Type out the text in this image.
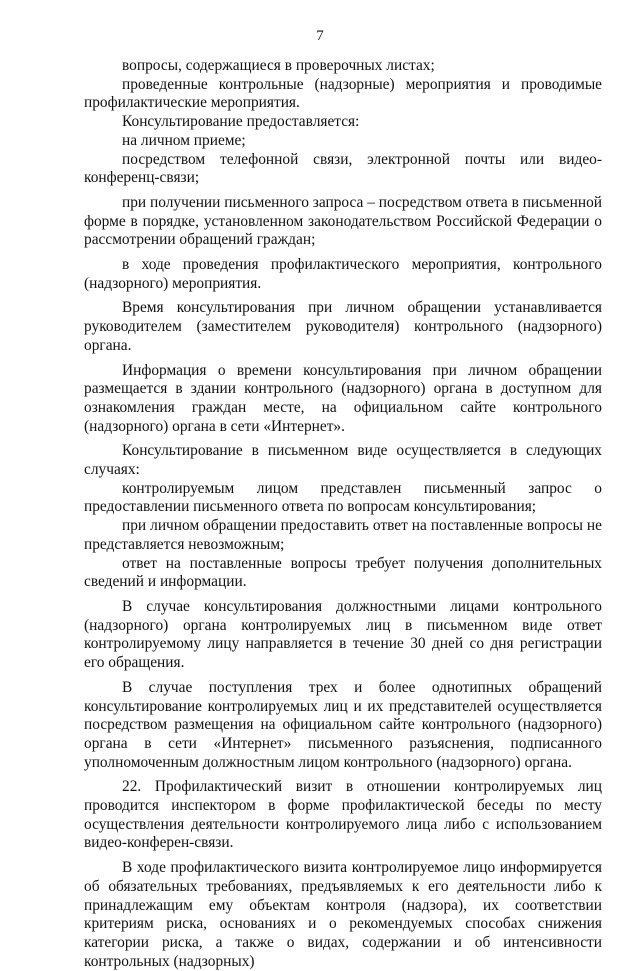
7

вопросы, содержащиеся в проверочных листах;

проведенные контрольные (надзорные) мероприятия и проводимые профилактические мероприятия.

Консультирование предоставляется:

на личном приеме;

посредством телефонной связи, электронной почты или видео-конференц-связи;

при получении письменного запроса – посредством ответа в письменной форме в порядке, установленном законодательством Российской Федерации о рассмотрении обращений граждан;

в ходе проведения профилактического мероприятия, контрольного (надзорного) мероприятия.

Время консультирования при личном обращении устанавливается руководителем (заместителем руководителя) контрольного (надзорного) органа.

Информация о времени консультирования при личном обращении размещается в здании контрольного (надзорного) органа в доступном для ознакомления граждан месте, на официальном сайте контрольного (надзорного) органа в сети «Интернет».

Консультирование в письменном виде осуществляется в следующих случаях:

контролируемым лицом представлен письменный запрос о предоставлении письменного ответа по вопросам консультирования;

при личном обращении предоставить ответ на поставленные вопросы не представляется невозможным;

ответ на поставленные вопросы требует получения дополнительных сведений и информации.

В случае консультирования должностными лицами контрольного (надзорного) органа контролируемых лиц в письменном виде ответ контролируемому лицу направляется в течение 30 дней со дня регистрации его обращения.

В случае поступления трех и более однотипных обращений консультирование контролируемых лиц и их представителей осуществляется посредством размещения на официальном сайте контрольного (надзорного) органа в сети «Интернет» письменного разъяснения, подписанного уполномоченным должностным лицом контрольного (надзорного) органа.

22. Профилактический визит в отношении контролируемых лиц проводится инспектором в форме профилактической беседы по месту осуществления деятельности контролируемого лица либо с использованием видео-конферен-связи.

В ходе профилактического визита контролируемое лицо информируется об обязательных требованиях, предъявляемых к его деятельности либо к принадлежащим ему объектам контроля (надзора), их соответствии критериям риска, основаниях и о рекомендуемых способах снижения категории риска, а также о видах, содержании и об интенсивности контрольных (надзорных)
